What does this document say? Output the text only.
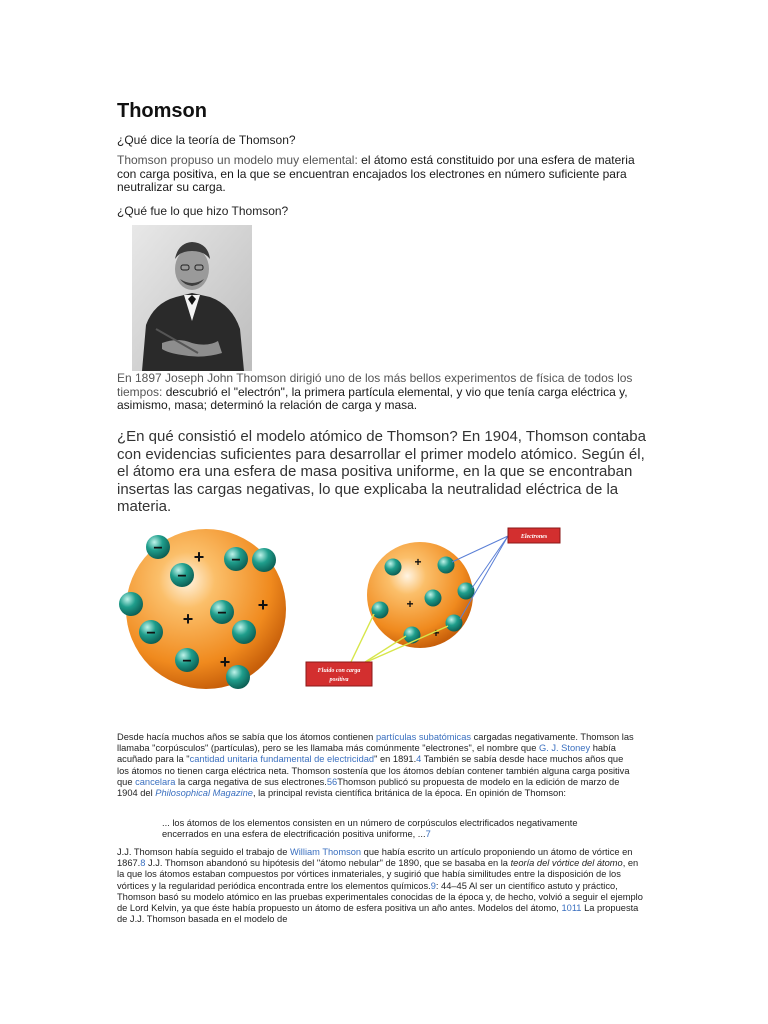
Thomson

¿Qué dice la teoría de Thomson?

Thomson propuso un modelo muy elemental: el átomo está constituido por una esfera de materia con carga positiva, en la que se encuentran encajados los electrones en número suficiente para neutralizar su carga.

¿Qué fue lo que hizo Thomson?

En 1897 Joseph John Thomson dirigió uno de los más bellos experimentos de física de todos los tiempos: descubrió el "electrón", la primera partícula elemental, y vio que tenía carga eléctrica y, asimismo, masa; determinó la relación de carga y masa.

¿En qué consistió el modelo atómico de Thomson? En 1904, Thomson contaba con evidencias suficientes para desarrollar el primer modelo atómico. Según él, el átomo era una esfera de masa positiva uniforme, en la que se encontraban insertas las cargas negativas, lo que explicaba la neutralidad eléctrica de la materia.

−
−
−
−
−
−
+
+
+
+
+
+
+
Electrones
Fluido con carga
positiva

Desde hacía muchos años se sabía que los átomos contienen partículas subatómicas cargadas negativamente. Thomson las llamaba "corpúsculos" (partículas), pero se les llamaba más comúnmente "electrones", el nombre que G. J. Stoney había acuñado para la "cantidad unitaria fundamental de electricidad" en 1891.4 También se sabía desde hace muchos años que los átomos no tienen carga eléctrica neta. Thomson sostenía que los átomos debían contener también alguna carga positiva que cancelara la carga negativa de sus electrones.56Thomson publicó su propuesta de modelo en la edición de marzo de 1904 del Philosophical Magazine, la principal revista científica británica de la época. En opinión de Thomson:

... los átomos de los elementos consisten en un número de corpúsculos electrificados negativamente encerrados en una esfera de electrificación positiva uniforme, ...7

J.J. Thomson había seguido el trabajo de William Thomson que había escrito un artículo proponiendo un átomo de vórtice en 1867.8 J.J. Thomson abandonó su hipótesis del "átomo nebular" de 1890, que se basaba en la teoría del vórtice del átomo, en la que los átomos estaban compuestos por vórtices inmateriales, y sugirió que había similitudes entre la disposición de los vórtices y la regularidad periódica encontrada entre los elementos químicos.9: 44–45 Al ser un científico astuto y práctico, Thomson basó su modelo atómico en las pruebas experimentales conocidas de la época y, de hecho, volvió a seguir el ejemplo de Lord Kelvin, ya que éste había propuesto un átomo de esfera positiva un año antes. Modelos del átomo, 1011 La propuesta de J.J. Thomson basada en el modelo de
